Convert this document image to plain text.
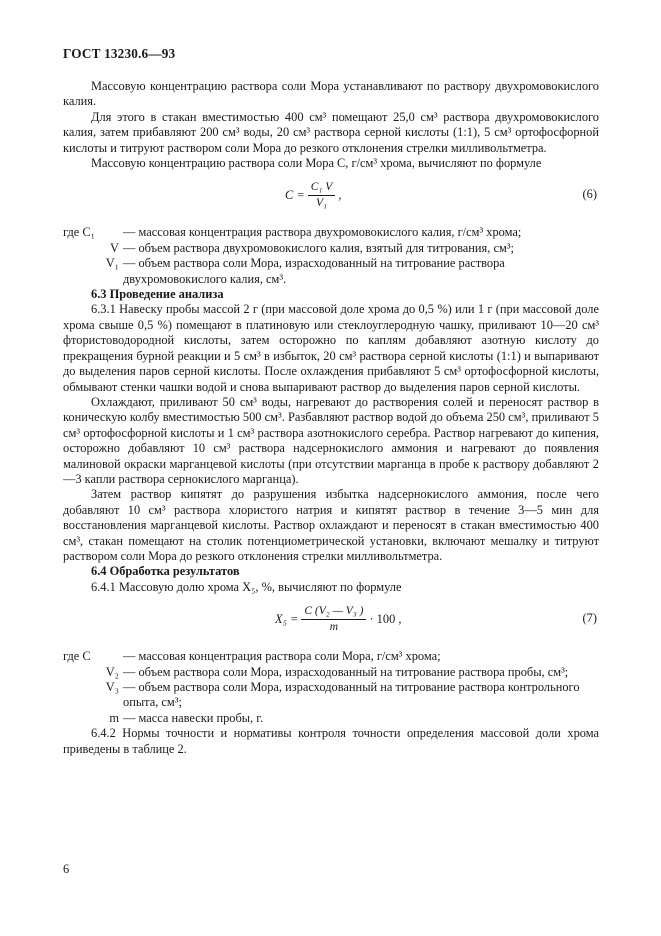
ГОСТ 13230.6—93

Массовую концентрацию раствора соли Мора устанавливают по раствору двухромовокислого калия.

Для этого в стакан вместимостью 400 см³ помещают 25,0 см³ раствора двухромовокислого калия, затем прибавляют 200 см³ воды, 20 см³ раствора серной кислоты (1:1), 5 см³ ортофосфорной кислоты и титруют раствором соли Мора до резкого отклонения стрелки милливольтметра.

Массовую концентрацию раствора соли Мора C, г/см³ хрома, вычисляют по формуле

$C = \frac{\text{C₁ V}}{\text{V₁}}$ ,	(6)
где C₁	— массовая концентрация раствора двухромовокислого калия, г/см³ хрома;
V — объем раствора двухромовокислого калия, взятый для титрования, см³;
V₁ — объем раствора соли Мора, израсходованный на титрование раствора двухромовокислого калия, см³.

6.3 Проведение анализа

6.3.1 Навеску пробы массой 2 г (при массовой доле хрома до 0,5 %) или 1 г (при массовой доле хрома свыше 0,5 %) помещают в платиновую или стеклоуглеродную чашку, приливают 10—20 см³ фтористоводородной кислоты, затем осторожно по каплям добавляют азотную кислоту до прекращения бурной реакции и 5 см³ в избыток, 20 см³ раствора серной кислоты (1:1) и выпаривают до выделения паров серной кислоты. После охлаждения прибавляют 5 см³ ортофосфорной кислоты, обмывают стенки чашки водой и снова выпаривают раствор до выделения паров серной кислоты.

Охлаждают, приливают 50 см³ воды, нагревают до растворения солей и переносят раствор в коническую колбу вместимостью 500 см³. Разбавляют раствор водой до объема 250 см³, приливают 5 см³ ортофосфорной кислоты и 1 см³ раствора азотнокислого серебра. Раствор нагревают до кипения, осторожно добавляют 10 см³ раствора надсернокислого аммония и нагревают до появления малиновой окраски марганцевой кислоты (при отсутствии марганца в пробе к раствору добавляют 2—3 капли раствора сернокислого марганца).

Затем раствор кипятят до разрушения избытка надсернокислого аммония, после чего добавляют 10 см³ раствора хлористого натрия и кипятят раствор в течение 3—5 мин для восстановления марганцевой кислоты. Раствор охлаждают и переносят в стакан вместимостью 400 см³, стакан помещают на столик потенциометрической установки, включают мешалку и титруют раствором соли Мора до резкого отклонения стрелки милливольтметра.

6.4 Обработка результатов

6.4.1 Массовую долю хрома X₅, %, вычисляют по формуле

$X_5 = \frac{\text{C (V₂ — V₃ )}}{m} \cdot 100$ ,	(7)
где C	— массовая концентрация раствора соли Мора, г/см³ хрома;
V₂ — объем раствора соли Мора, израсходованный на титрование раствора пробы, см³;
V₃ — объем раствора соли Мора, израсходованный на титрование раствора контрольного опыта, см³;
m — масса навески пробы, г.

6.4.2 Нормы точности и нормативы контроля точности определения массовой доли хрома приведены в таблице 2.

6
